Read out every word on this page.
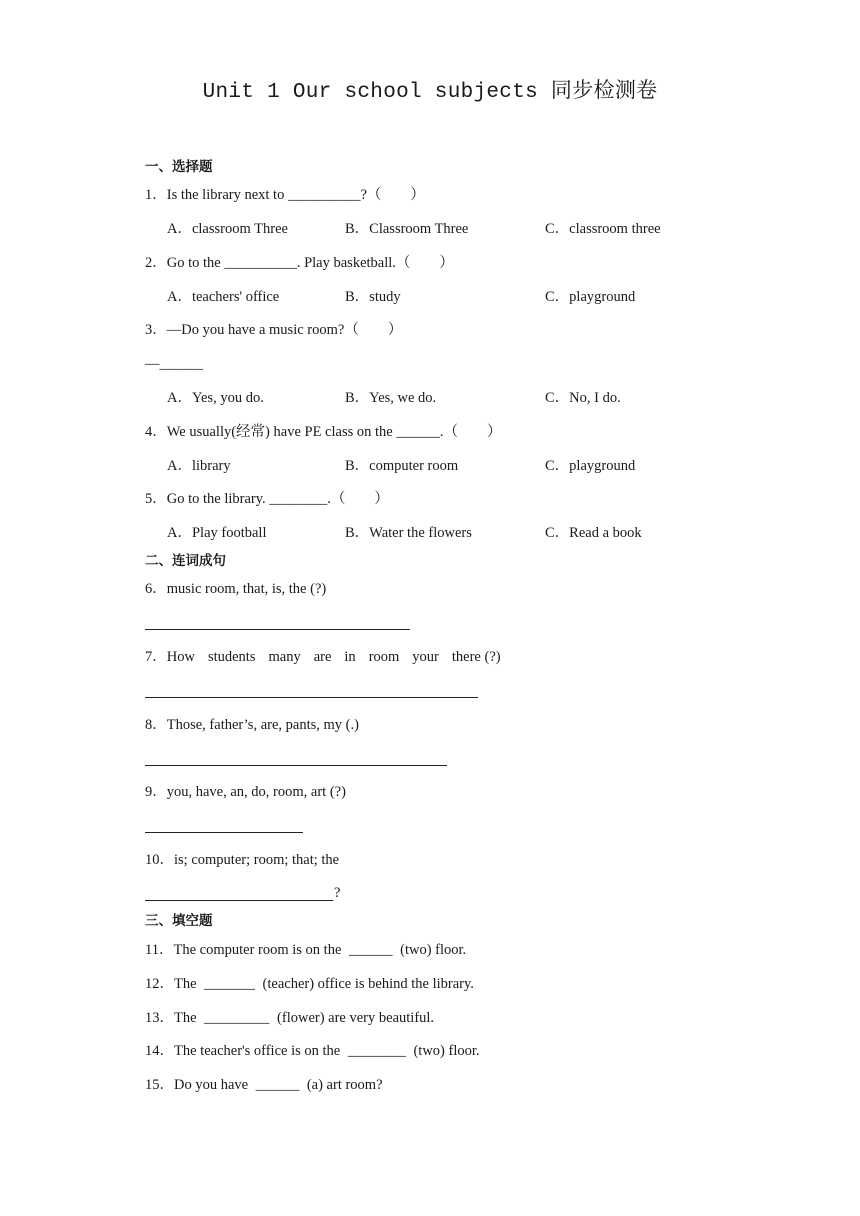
Unit 1 Our school subjects 同步检测卷
一、选择题
1．Is the library next to __________?（　　）
A．classroom Three	B．Classroom Three	C．classroom three
2．Go to the __________. Play basketball.（　　）
A．teachers' office	B．study	C．playground
3．—Do you have a music room?（　　）
—______
A．Yes, you do.	B．Yes, we do.	C．No, I do.
4．We usually(经常) have PE class on the ______.（　　）
A．library	B．computer room	C．playground
5．Go to the library. ________.（　　）
A．Play football	B．Water the flowers	C．Read a book
二、连词成句
6．music room, that, is, the (?)
7．How students many are in room your there (?)
8．Those, father’s, are, pants, my (.)
9．you, have, an, do, room, art (?)
10．is; computer; room; that; the
?
三、填空题
11．The computer room is on the ______ (two) floor.
12．The _______ (teacher) office is behind the library.
13．The _________ (flower) are very beautiful.
14．The teacher's office is on the ________ (two) floor.
15．Do you have ______ (a) art room?
